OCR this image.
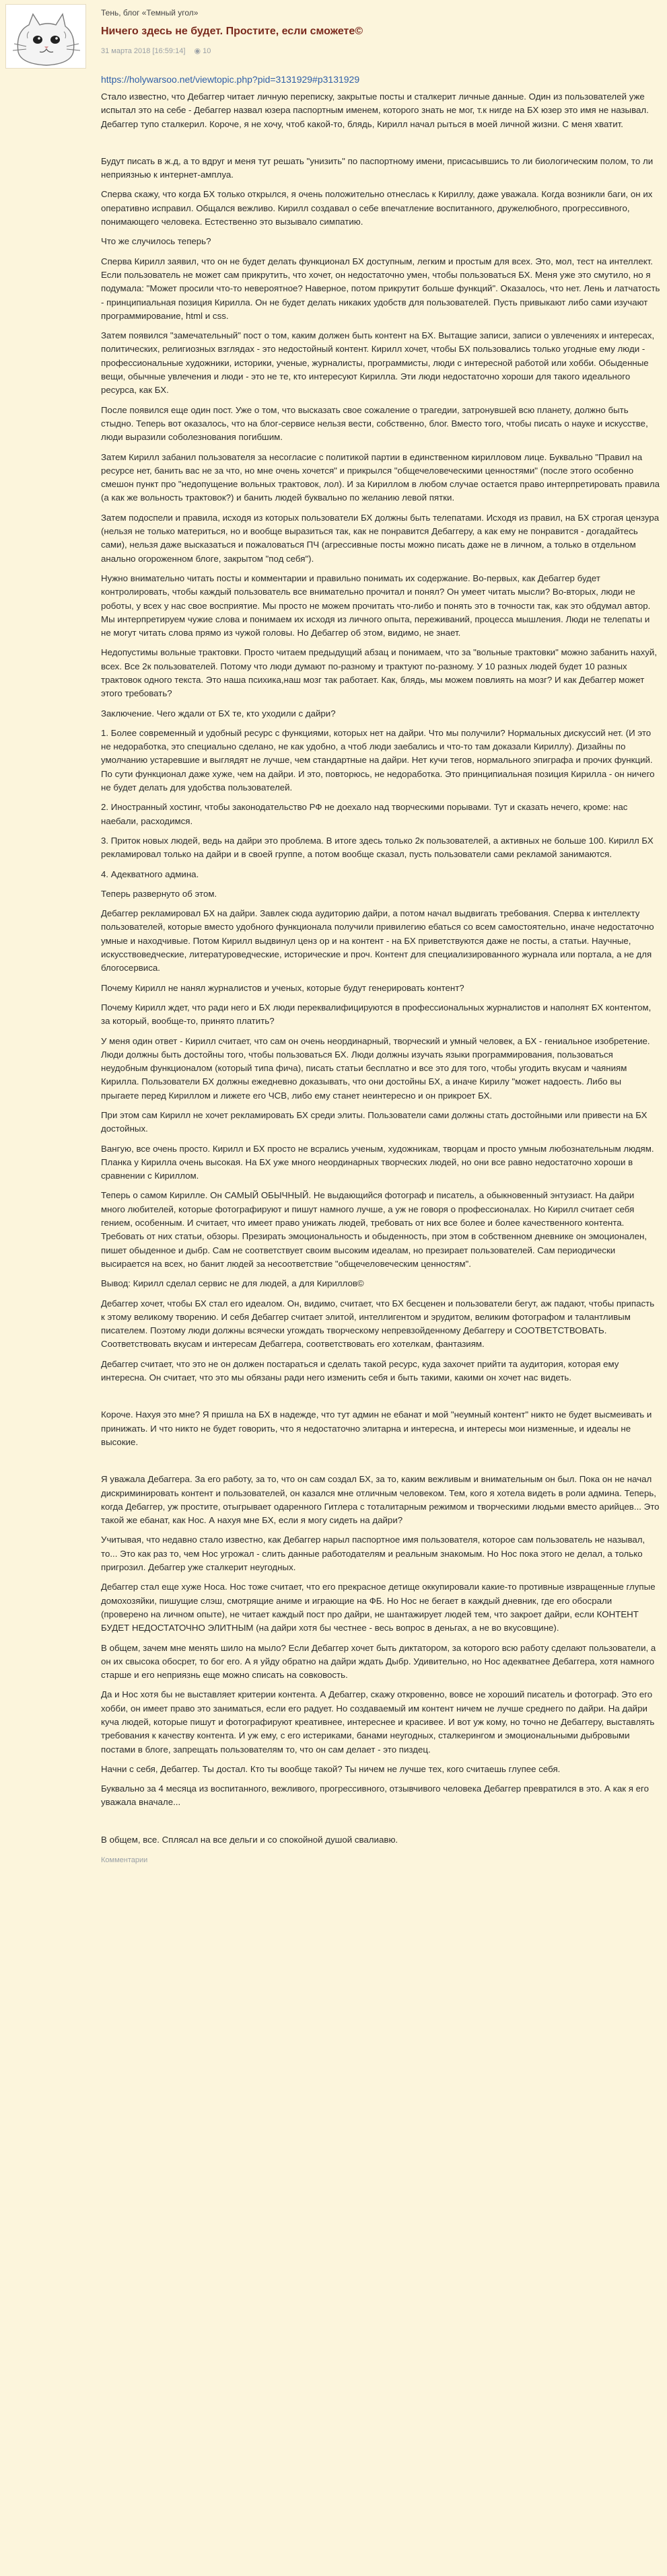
Тень, блог «Темный угол»
Ничего здесь не будет. Простите, если сможете©
31 марта 2018 [16:59:14] ◉ 10
https://holywarsoo.net/viewtopic.php?pid=3131929#p3131929

Стало известно, что Дебаггер читает личную переписку, закрытые посты и сталкерит личные данные. Один из пользователей уже испытал это на себе - Дебаггер назвал юзера паспортным именем, которого знать не мог, т.к нигде на БХ юзер это имя не называл. Дебаггер тупо сталкерил. Короче, я не хочу, чтоб какой-то, блядь, Кирилл начал рыться в моей личной жизни. С меня хватит.

Будут писать в ж.д, а то вдруг и меня тут решать "унизить" по паспортному имени, присасывшись то ли биологическим полом, то ли неприязнью к интернет-амплуа.

Сперва скажу, что когда БХ только открылся, я очень положительно отнеслась к Кириллу, даже уважала. Когда возникли баги, он их оперативно исправил. Общался вежливо. Кирилл создавал о себе впечатление воспитанного, дружелюбного, прогрессивного, понимающего человека. Естественно это вызывало симпатию.

Что же случилось теперь?

Сперва Кирилл заявил, что он не будет делать функционал БХ доступным, легким и простым для всех. Это, мол, тест на интеллект. Если пользователь не может сам прикрутить, что хочет, он недостаточно умен, чтобы пользоваться БХ. Меня уже это смутило, но я подумала: "Может просили что-то невероятное? Наверное, потом прикрутит больше функций". Оказалось, что нет. Лень и латчатость - принципиальная позиция Кирилла. Он не будет делать никаких удобств для пользователей. Пусть привыкают либо сами изучают программирование, html и css.

Затем появился "замечательный" пост о том, каким должен быть контент на БХ. Вытащиe записи, записи о увлечениях и интересах, политических, религиозных взглядах - это недостойный контент. Кирилл хочет, чтобы БХ пользовались только угодные ему люди - профессиональные художники, историки, ученые, журналисты, программисты, люди с интересной работой или хобби. Обыденные вещи, обычные увлечения и люди - это не те, кто интересуют Кирилла. Эти люди недостаточно хороши для такого идеального ресурса, как БХ.

После появился еще один пост. Уже о том, что высказать свое сожаление о трагедии, затронувшей всю планету, должно быть стыдно. Теперь вот оказалось, что на блог-сервисе нельзя вести, собственно, блог. Вместо того, чтобы писать о науке и искусстве, люди выразили соболезнования погибшим.

Затем Кирилл забанил пользователя за несогласие с политикой партии в единственном кирилловом лице. Буквально "Правил на ресурсе нет, банить вас не за что, но мне очень хочется" и прикрылся "общечеловеческими ценностями" (после этого особенно смешон пункт про "недопущение вольных трактовок, лол). И за Кириллом в любом случае остается право интерпретировать правила (а как же вольность трактовок?) и банить людей буквально по желанию левой пятки.

Затем подоспели и правила, исходя из которых пользователи БХ должны быть телепатами. Исходя из правил, на БХ строгая цензура (нельзя не только материться, но и вообще выразиться так, как не понравится Дебаггеру, а как ему не понравится - догадайтесь сами), нельзя даже высказаться и пожаловаться ПЧ (агрессивные посты можно писать даже не в личном, а только в отдельном анально огороженном блоге, закрытом "под себя").

Нужно внимательно читать посты и комментарии и правильно понимать их содержание. Во-первых, как Дебаггер будет контролировать, чтобы каждый пользователь все внимательно прочитал и понял? Он умеет читать мысли? Во-вторых, люди не роботы, у всех у нас свое восприятие. Мы просто не можем прочитать что-либо и понять это в точности так, как это обдумал автор. Мы интерпретируем чужие слова и понимаем их исходя из личного опыта, переживаний, процесса мышления. Люди не телепаты и не могут читать слова прямо из чужой головы. Но Дебаггер об этом, видимо, не знает.

Недопустимы вольные трактовки. Просто читаем предыдущий абзац и понимаем, что за "вольные трактовки" можно забанить нахуй, всех. Все 2к пользователей. Потому что люди думают по-разному и трактуют по-разному. У 10 разных людей будет 10 разных трактовок одного текста. Это наша психика,наш мозг так работает. Как, блядь, мы можем повлиять на мозг? И как Дебаггер может этого требовать?

Заключение. Чего ждали от БХ те, кто уходили с дайри?

1. Более современный и удобный ресурс с функциями, которых нет на дайри. Что мы получили? Нормальных дискуссий нет. (И это не недоработка, это специально сделано, не как удобно, а чтоб люди заебались и что-то там доказали Кириллу). Дизайны по умолчанию устаревшие и выглядят не лучше, чем стандартные на дайри. Нет кучи тегов, нормального эпиграфа и прочих функций. По сути функционал даже хуже, чем на дайри. И это, повторюсь, не недоработка. Это принципиальная позиция Кирилла - он ничего не будет делать для удобства пользователей.

2. Иностранный хостинг, чтобы законодательство РФ не доехало над творческими порывами. Тут и сказать нечего, кроме: нас наебали, расходимся.

3. Приток новых людей, ведь на дайри это проблема. В итоге здесь только 2к пользователей, а активных не больше 100. Кирилл БХ рекламировал только на дайри и в своей группе, а потом вообще сказал, пусть пользователи сами рекламой занимаются.

4. Адекватного админа.

Теперь развернуто об этом.

Дебаггер рекламировал БХ на дайри. Завлек сюда аудиторию дайри, а потом начал выдвигать требования. Сперва к интеллекту пользователей, которые вместо удобного функционала получили привилегию ебаться со всем самостоятельно, иначе недостаточно умные и находчивые. Потом Кирилл выдвинул ценз ор и на контент - на БХ приветствуются даже не посты, а статьи. Научные, искусствоведческие, литературоведческие, исторические и проч. Контент для специализированного журнала или портала, а не для блогосервиса.

Почему Кирилл не нанял журналистов и ученых, которые будут генерировать контент?

Почему Кирилл ждет, что ради него и БХ люди переквалифицируются в профессиональных журналистов и наполнят БХ контентом, за который, вообще-то, принято платить?

У меня один ответ - Кирилл считает, что сам он очень неординарный, творческий и умный человек, а БХ - гениальное изобретение. Люди должны быть достойны того, чтобы пользоваться БХ. Люди должны изучать языки программирования, пользоваться неудобным функционалом (который типа фича), писать статьи бесплатно и все это для того, чтобы угодить вкусам и чаяниям Кирилла. Пользователи БХ должны ежедневно доказывать, что они достойны БХ, а иначе Кирилу "может надоесть. Либо вы прыгаете перед Кириллом и лижете его ЧСВ, либо ему станет неинтересно и он прикроет БХ.

При этом сам Кирилл не хочет рекламировать БХ среди элиты. Пользователи сами должны стать достойными или привести на БХ достойных.

Вангую, все очень просто. Кирилл и БХ просто не всрались ученым, художникам, творцам и просто умным любознательным людям. Планка у Кирилла очень высокая. На БХ уже много неординарных творческих людей, но они все равно недостаточно хороши в сравнении с Кириллом.

Теперь о самом Кирилле. Он САМЫЙ ОБЫЧНЫЙ. Не выдающийся фотограф и писатель, а обыкновенный энтузиаст. На дайри много любителей, которые фотографируют и пишут намного лучше, а уж не говоря о профессионалах. Но Кирилл считает себя гением, особенным. И считает, что имеет право унижать людей, требовать от них все более и более качественного контента. Требовать от них статьи, обзоры. Презирать эмоциональность и обыденность, при этом в собственном дневнике он эмоционален, пишет обыденное и дыбр. Сам не соответствует своим высоким идеалам, но презирает пользователей. Сам периодически высирается на всех, но банит людей за несоответствие "общечеловеческим ценностям".

Вывод: Кирилл сделал сервис не для людей, а для Кириллов©

Дебаггер хочет, чтобы БХ стал его идеалом. Он, видимо, считает, что БХ бесценен и пользователи бегут, аж падают, чтобы припасть к этому великому творению. И себя Дебаггер считает элитой, интеллигентом и эрудитом, великим фотографом и талантливым писателем. Поэтому люди должны всячески угождать творческому непревзойденному Дебаггеру и СООТВЕТСТВОВАТЬ. Соответствовать вкусам и интересам Дебаггера, соответствовать его хотелкам, фантазиям.

Дебаггер считает, что это не он должен постараться и сделать такой ресурс, куда захочет прийти та аудитория, которая ему интересна. Он считает, что это мы обязаны ради него изменить себя и быть такими, какими он хочет нас видеть.

Короче. Нахуя это мне? Я пришла на БХ в надежде, что тут админ не ебанат и мой "неумный контент" никто не будет высмеивать и принижать. И что никто не будет говорить, что я недостаточно элитарна и интересна, и интересы мои низменные, и идеалы не высокие.

Я уважала Дебаггера. За его работу, за то, что он сам создал БХ, за то, каким вежливым и внимательным он был. Пока он не начал дискриминировать контент и пользователей, он казался мне отличным человеком. Тем, кого я хотела видеть в роли админа. Теперь, когда Дебаггер, уж простите, отыгрывает одаренного Гитлера с тоталитарным режимом и творческими людьми вместо арийцев... Это такой же ебанат, как Нос. А нахуя мне БХ, если я могу сидеть на дайри?

Учитывая, что недавно стало известно, как Дебаггер нарыл паспортное имя пользователя, которое сам пользователь не называл, то... Это как раз то, чем Нос угрожал - слить данные работодателям и реальным знакомым. Но Нос пока этого не делал, а только пригрозил. Дебаггер уже сталкерит неугодных.

Дебаггер стал еще хуже Носа. Нос тоже считает, что его прекрасное детище оккупировали какие-то противные извращенные глупые домохозяйки, пишущие слэш, смотрящие аниме и играющие на ФБ. Но Нос не бегает в каждый дневник, где его обосрали (проверено на личном опыте), не читает каждый пост про дайри, не шантажирует людей тем, что закроет дайри, если КОНТЕНТ БУДЕТ НЕДОСТАТОЧНО ЭЛИТНЫМ (на дайри хотя бы честнее - весь вопрос в деньгах, а не во вкусовщине).

В общем, зачем мне менять шило на мыло? Если Дебаггер хочет быть диктатором, за которого всю работу сделают пользователи, а он их свысока обосрет, то бог его. А я уйду обратно на дайри ждать Дыбр. Удивительно, но Нос адекватнее Дебаггера, хотя намного старше и его неприязнь еще можно списать на совковость.

Да и Нос хотя бы не выставляет критерии контента. А Дебаггер, скажу откровенно, вовсе не хороший писатель и фотограф. Это его хобби, он имеет право это заниматься, если его радует. Но создаваемый им контент ничем не лучше среднего по дайри. На дайри куча людей, которые пишут и фотографируют креативнее, интереснее и красивее. И вот уж кому, но точно не Дебаггеру, выставлять требования к качеству контента. И уж ему, с его истериками, банами неугодных, сталкерингом и эмоциональными дыбровыми постами в блоге, запрещать пользователям то, что он сам делает - это пиздец.

Начни с себя, Дебаггер. Ты достал. Кто ты вообще такой? Ты ничем не лучше тех, кого считаешь глупее себя.

Буквально за 4 месяца из воспитанного, вежливого, прогрессивного, отзывчивого человека Дебаггер превратился в это. А как я его уважала вначале...

В общем, все. Спляcал на все дельги и со спокойной душой свалиавю.

Комментарии
